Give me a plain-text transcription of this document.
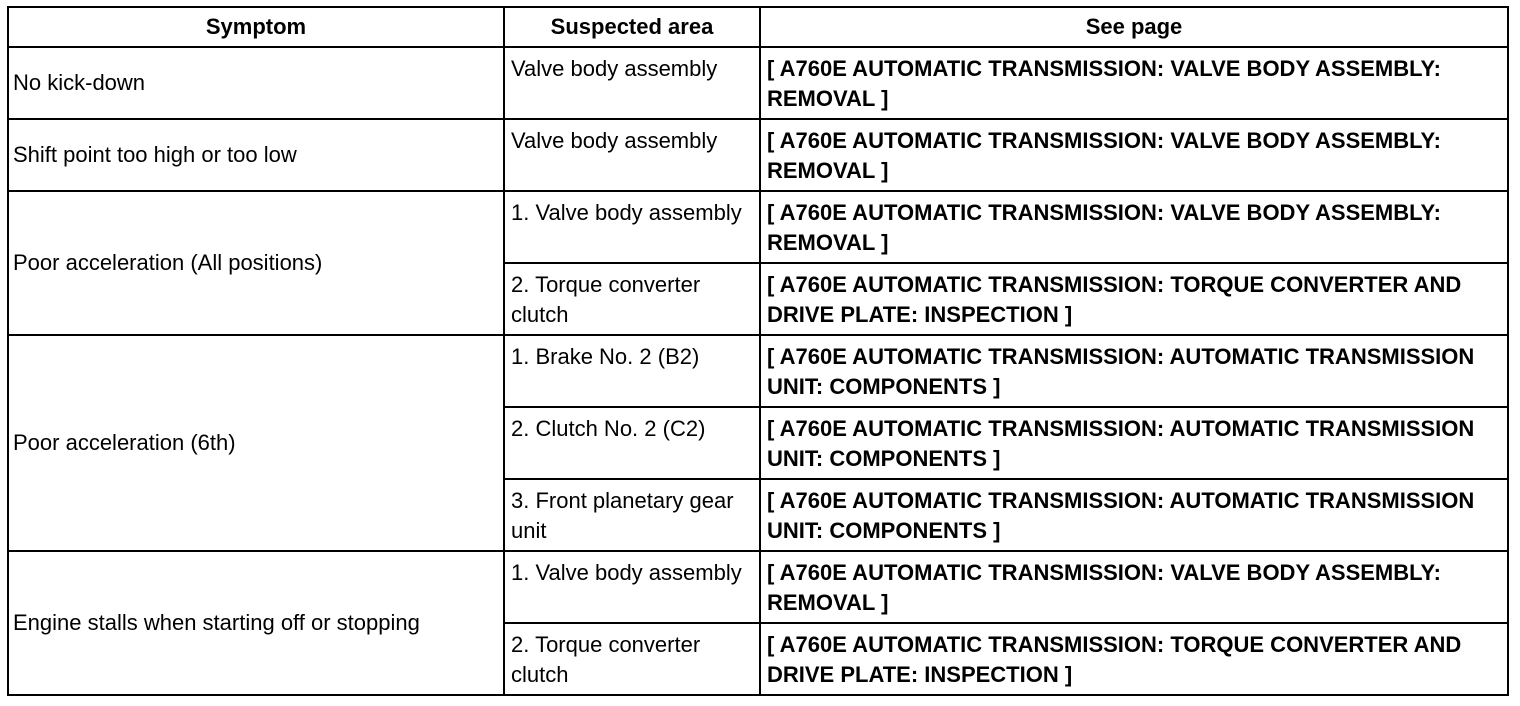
Symptom	Suspected area	See page
No kick-down	Valve body assembly	[ A760E AUTOMATIC TRANSMISSION: VALVE BODY ASSEMBLY: REMOVAL ]
Shift point too high or too low	Valve body assembly	[ A760E AUTOMATIC TRANSMISSION: VALVE BODY ASSEMBLY: REMOVAL ]
Poor acceleration (All positions)	1. Valve body assembly	[ A760E AUTOMATIC TRANSMISSION: VALVE BODY ASSEMBLY: REMOVAL ]
	2. Torque converter clutch	[ A760E AUTOMATIC TRANSMISSION: TORQUE CONVERTER AND DRIVE PLATE: INSPECTION ]
Poor acceleration (6th)	1. Brake No. 2 (B2)	[ A760E AUTOMATIC TRANSMISSION: AUTOMATIC TRANSMISSION UNIT: COMPONENTS ]
	2. Clutch No. 2 (C2)	[ A760E AUTOMATIC TRANSMISSION: AUTOMATIC TRANSMISSION UNIT: COMPONENTS ]
	3. Front planetary gear unit	[ A760E AUTOMATIC TRANSMISSION: AUTOMATIC TRANSMISSION UNIT: COMPONENTS ]
Engine stalls when starting off or stopping	1. Valve body assembly	[ A760E AUTOMATIC TRANSMISSION: VALVE BODY ASSEMBLY: REMOVAL ]
	2. Torque converter clutch	[ A760E AUTOMATIC TRANSMISSION: TORQUE CONVERTER AND DRIVE PLATE: INSPECTION ]
